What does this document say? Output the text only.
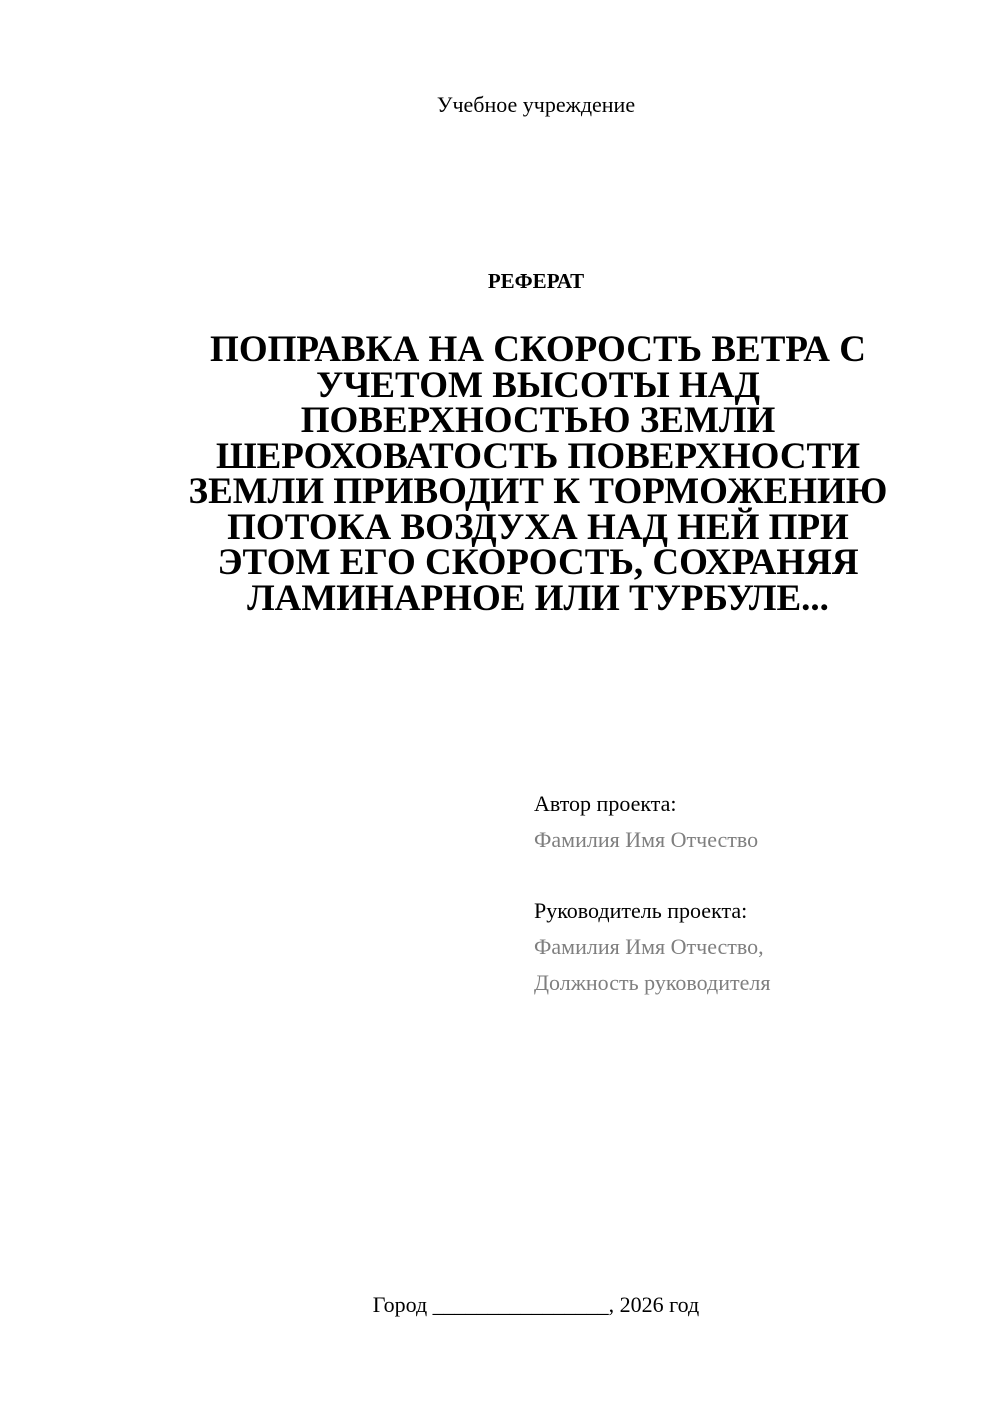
Учебное учреждение
РЕФЕРАТ
ПОПРАВКА НА СКОРОСТЬ ВЕТРА С УЧЕТОМ ВЫСОТЫ НАД ПОВЕРХНОСТЬЮ ЗЕМЛИ ШЕРОХОВАТОСТЬ ПОВЕРХНОСТИ ЗЕМЛИ ПРИВОДИТ К ТОРМОЖЕНИЮ ПОТОКА ВОЗДУХА НАД НЕЙ ПРИ ЭТОМ ЕГО СКОРОСТЬ, СОХРАНЯЯ ЛАМИНАРНОЕ ИЛИ ТУРБУЛЕ...
Автор проекта:
Фамилия Имя Отчество
Руководитель проекта:
Фамилия Имя Отчество,
Должность руководителя
Город ________________, 2026 год
